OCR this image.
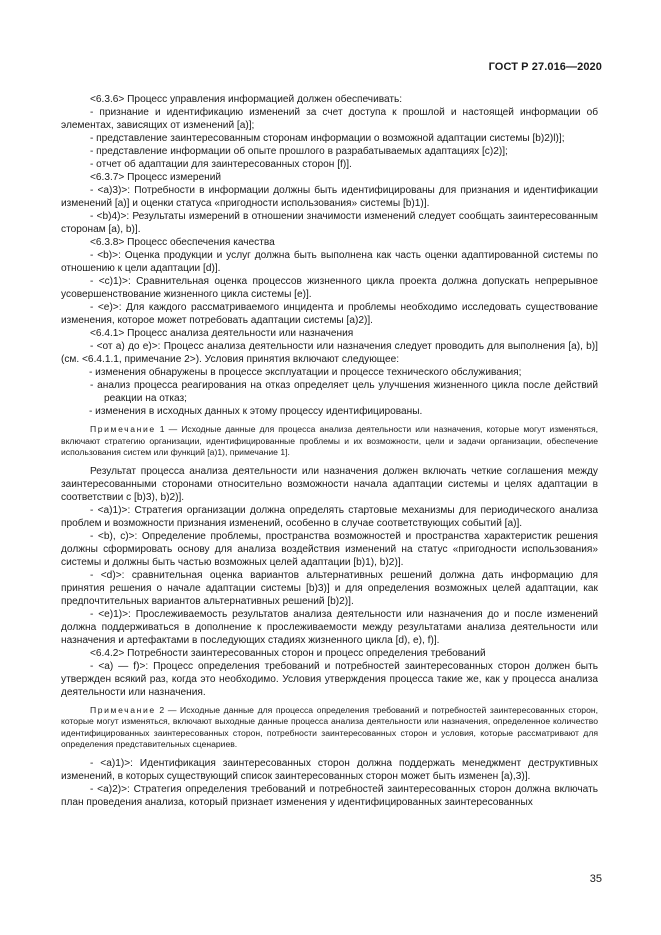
ГОСТ Р 27.016—2020

<6.3.6> Процесс управления информацией должен обеспечивать:

- признание и идентификацию изменений за счет доступа к прошлой и настоящей информации об элементах, зависящих от изменений [a)];

- представление заинтересованным сторонам информации о возможной адаптации системы [b)2)l)];

- представление информации об опыте прошлого в разрабатываемых адаптациях [c)2)];

- отчет об адаптации для заинтересованных сторон [f)].

<6.3.7> Процесс измерений

- <a)3)>: Потребности в информации должны быть идентифицированы для признания и идентификации изменений [a)] и оценки статуса «пригодности использования» системы [b)1)].

- <b)4)>: Результаты измерений в отношении значимости изменений следует сообщать заинтересованным сторонам [a), b)].

<6.3.8> Процесс обеспечения качества

- <b)>: Оценка продукции и услуг должна быть выполнена как часть оценки адаптированной системы по отношению к цели адаптации [d)].

- <c)1)>: Сравнительная оценка процессов жизненного цикла проекта должна допускать непрерывное усовершенствование жизненного цикла системы [e)].

- <e)>: Для каждого рассматриваемого инцидента и проблемы необходимо исследовать существование изменения, которое может потребовать адаптации системы [a)2)].

<6.4.1> Процесс анализа деятельности или назначения

- <от a) до e)>: Процесс анализа деятельности или назначения следует проводить для выполнения [a), b)] (см. <6.4.1.1, примечание 2>). Условия принятия включают следующее:

- изменения обнаружены в процессе эксплуатации и процессе технического обслуживания;

- анализ процесса реагирования на отказ определяет цель улучшения жизненного цикла после действий реакции на отказ;

- изменения в исходных данных к этому процессу идентифицированы.

Примечание 1 — Исходные данные для процесса анализа деятельности или назначения, которые могут изменяться, включают стратегию организации, идентифицированные проблемы и их возможности, цели и задачи организации, обеспечение использования систем или функций [a)1), примечание 1].

Результат процесса анализа деятельности или назначения должен включать четкие соглашения между заинтересованными сторонами относительно возможности начала адаптации системы и целях адаптации в соответствии с [b)3), b)2)].

- <a)1)>: Стратегия организации должна определять стартовые механизмы для периодического анализа проблем и возможности признания изменений, особенно в случае соответствующих событий [a)].

- <b), c)>: Определение проблемы, пространства возможностей и пространства характеристик решения должны сформировать основу для анализа воздействия изменений на статус «пригодности использования» системы и должны быть частью возможных целей адаптации [b)1), b)2)].

- <d)>: сравнительная оценка вариантов альтернативных решений должна дать информацию для принятия решения о начале адаптации системы [b)3)] и для определения возможных целей адаптации, как предпочтительных вариантов альтернативных решений [b)2)].

- <e)1)>: Прослеживаемость результатов анализа деятельности или назначения до и после изменений должна поддерживаться в дополнение к прослеживаемости между результатами анализа деятельности или назначения и артефактами в последующих стадиях жизненного цикла [d), e), f)].

<6.4.2> Потребности заинтересованных сторон и процесс определения требований

- <a) — f)>: Процесс определения требований и потребностей заинтересованных сторон должен быть утвержден всякий раз, когда это необходимо. Условия утверждения процесса такие же, как у процесса анализа деятельности или назначения.

Примечание 2 — Исходные данные для процесса определения требований и потребностей заинтересованных сторон, которые могут изменяться, включают выходные данные процесса анализа деятельности или назначения, определенное количество идентифицированных заинтересованных сторон, потребности заинтересованных сторон и условия, которые рассматривают для определения представительных сценариев.

- <a)1)>: Идентификация заинтересованных сторон должна поддержать менеджмент деструктивных изменений, в которых существующий список заинтересованных сторон может быть изменен [a),3)].

- <a)2)>: Стратегия определения требований и потребностей заинтересованных сторон должна включать план проведения анализа, который признает изменения у идентифицированных заинтересованных

35
